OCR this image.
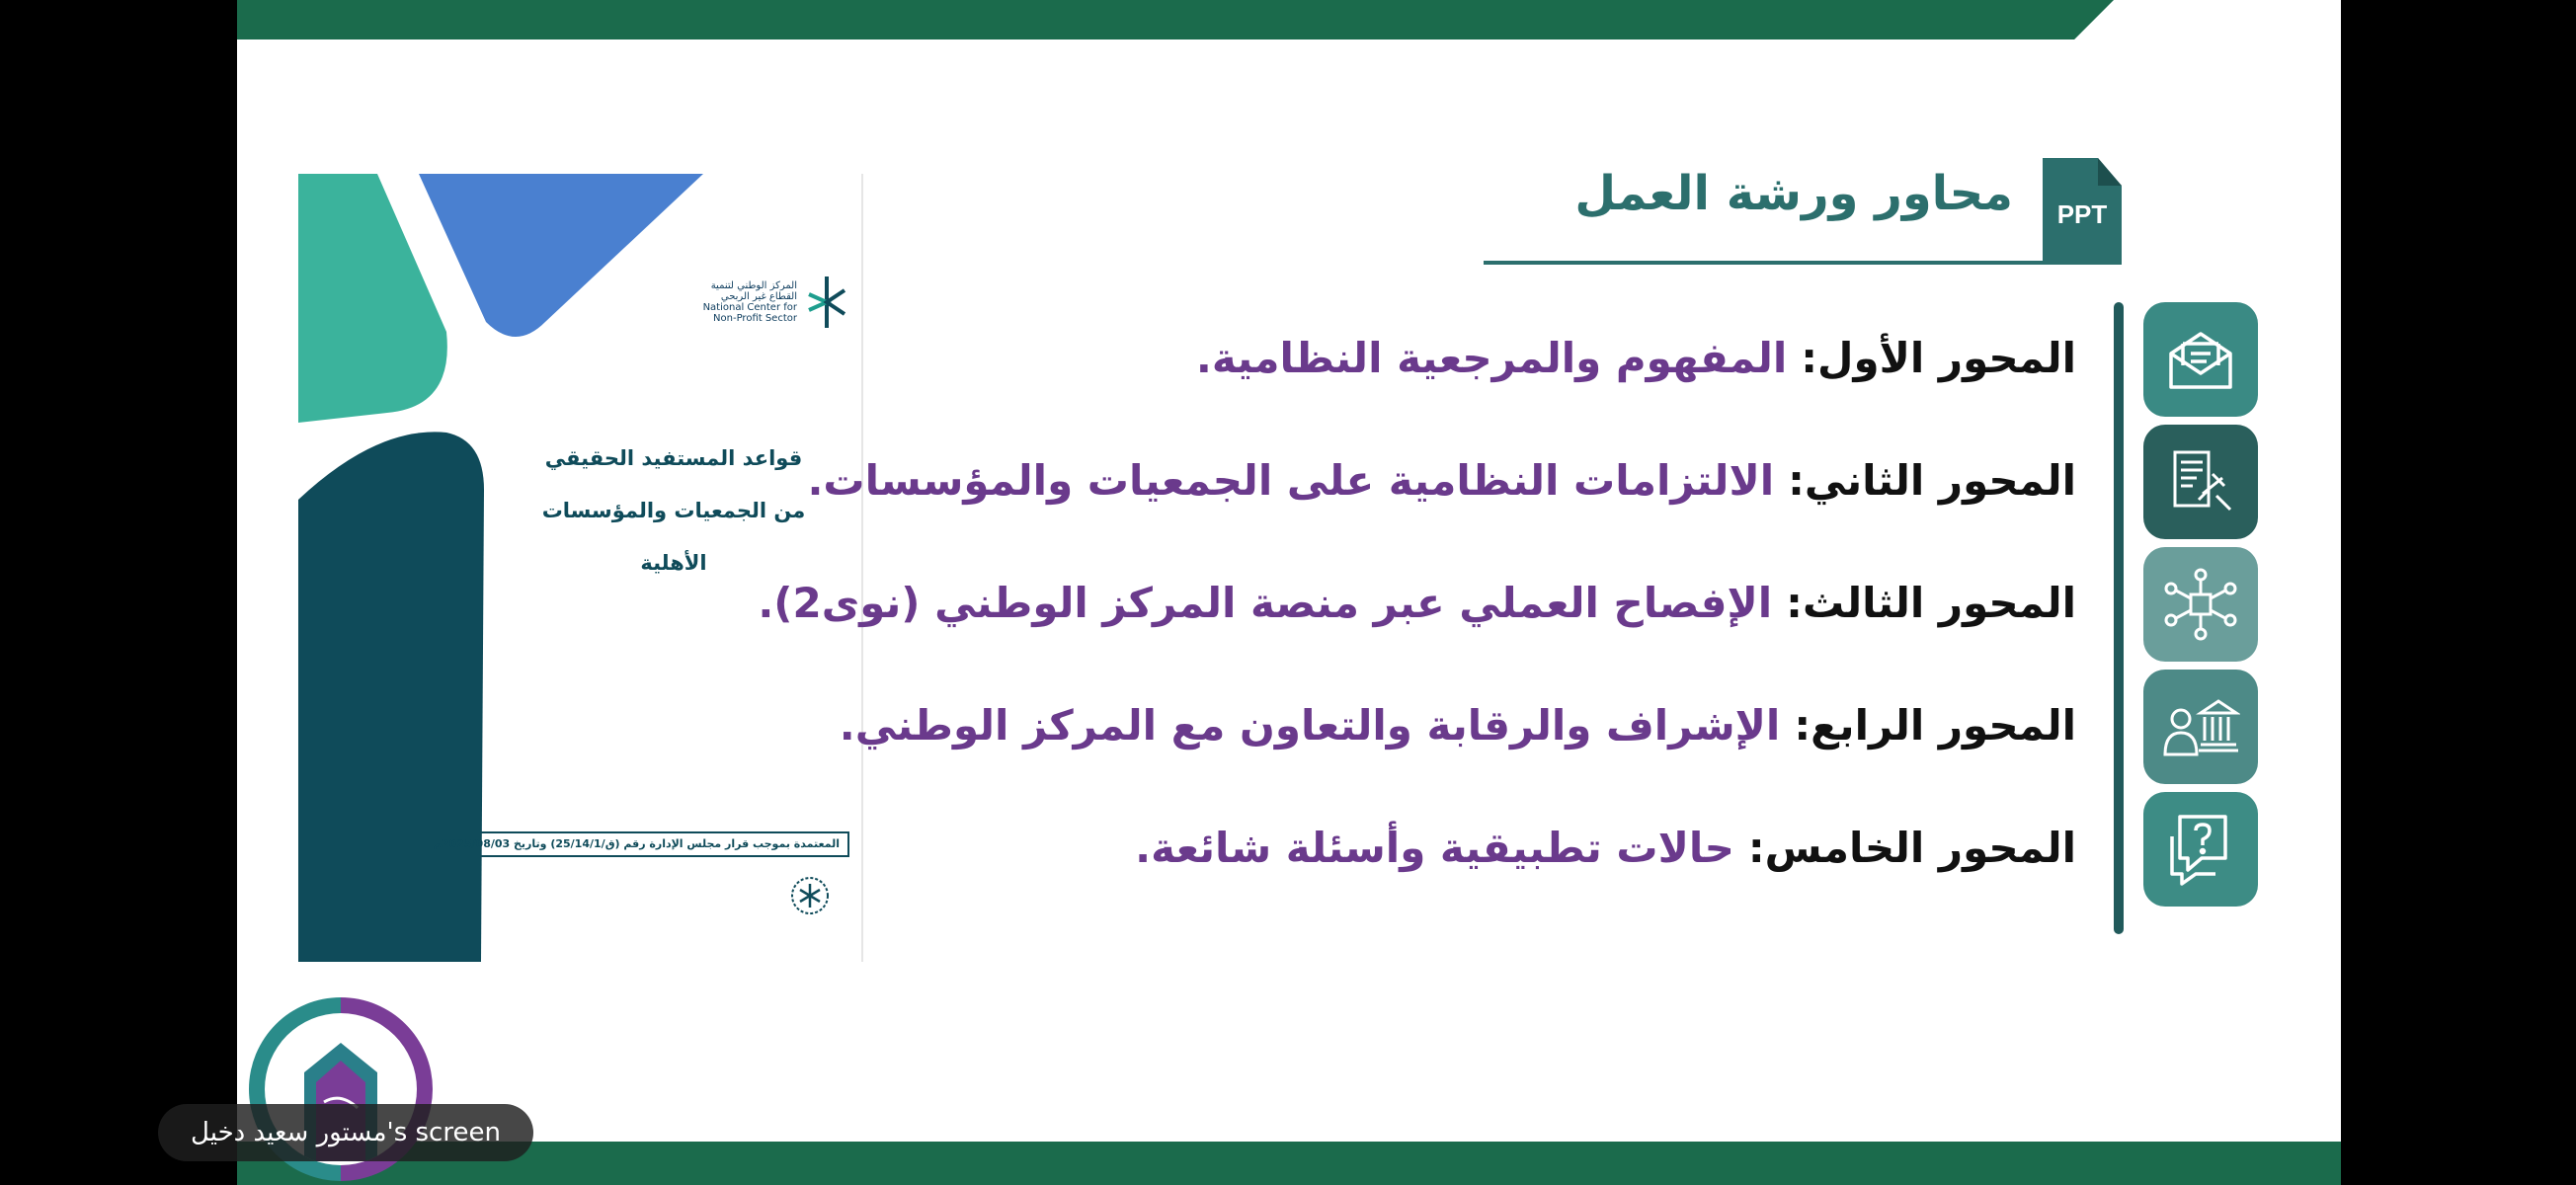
المركز الوطني لتنمية
القطاع غير الربحي
National Center for
Non-Profit Sector
قواعد المستفيد الحقيقي
من الجمعيات والمؤسسات
الأهلية
المعتمدة بموجب قرار مجلس الإدارة رقم (ق/25/14/1) وتاريخ 2025/08/03م
PPT
محاور ورشة العمل
المحور الأول:
المفهوم والمرجعية النظامية.
المحور الثاني:
الالتزامات النظامية على الجمعيات والمؤسسات.
المحور الثالث:
الإفصاح العملي عبر منصة المركز الوطني (نوى2).
المحور الرابع:
الإشراف والرقابة والتعاون مع المركز الوطني.
المحور الخامس:
حالات تطبيقية وأسئلة شائعة.
مستور سعيد دخيل's screen
